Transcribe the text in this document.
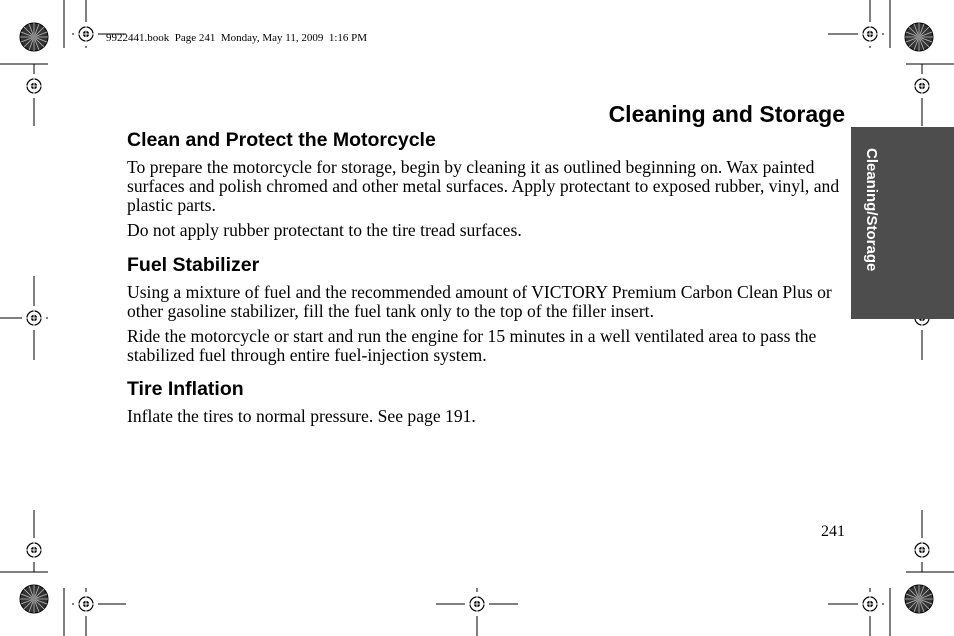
9922441.book  Page 241  Monday, May 11, 2009  1:16 PM
Cleaning/Storage
Cleaning and Storage
Clean and Protect the Motorcycle

To prepare the motorcycle for storage, begin by cleaning it as outlined beginning on. Wax painted surfaces and polish chromed and other metal surfaces. Apply protectant to exposed rubber, vinyl, and plastic parts.

Do not apply rubber protectant to the tire tread surfaces.

Fuel Stabilizer

Using a mixture of fuel and the recommended amount of VICTORY Premium Carbon Clean Plus or other gasoline stabilizer, fill the fuel tank only to the top of the filler insert.

Ride the motorcycle or start and run the engine for 15 minutes in a well ventilated area to pass the stabilized fuel through entire fuel-injection system.

Tire Inflation

Inflate the tires to normal pressure. See page 191.

241
